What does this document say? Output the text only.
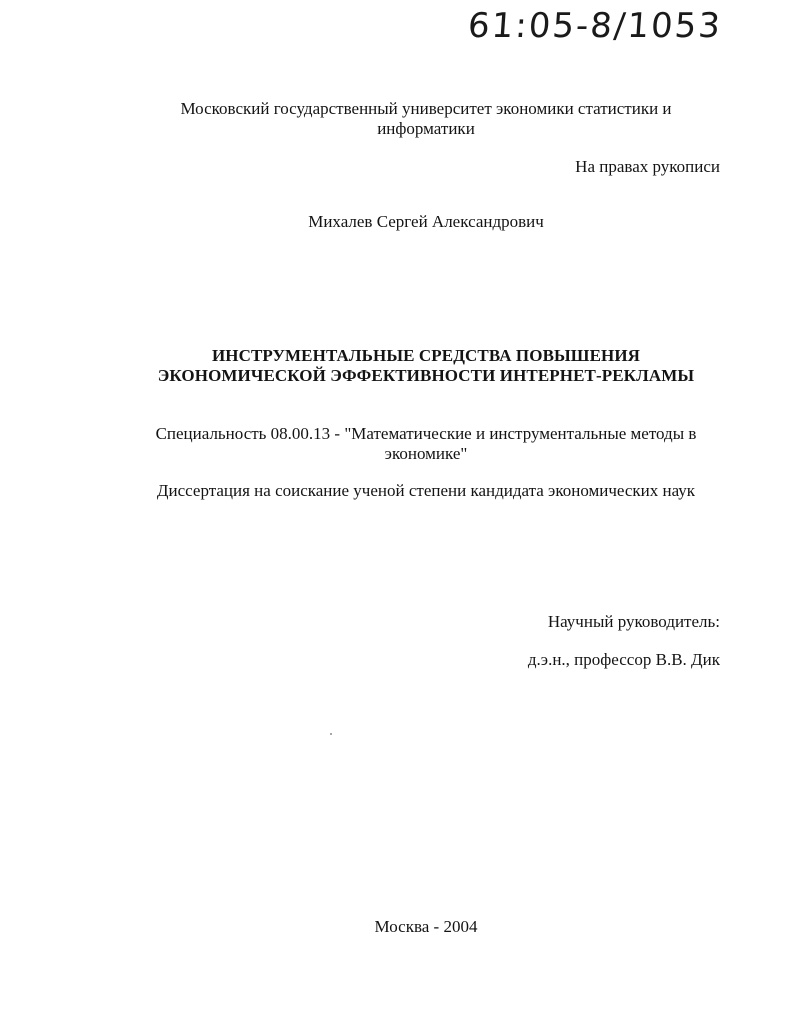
61:05-8/1053
Московский государственный университет экономики статистики и
информатики
На правах рукописи
Михалев Сергей Александрович
ИНСТРУМЕНТАЛЬНЫЕ СРЕДСТВА ПОВЫШЕНИЯ
ЭКОНОМИЧЕСКОЙ ЭФФЕКТИВНОСТИ ИНТЕРНЕТ-РЕКЛАМЫ
Специальность 08.00.13 - "Математические и инструментальные методы в
экономике"
Диссертация на соискание ученой степени кандидата экономических наук
Научный руководитель:
д.э.н., профессор В.В. Дик
Москва - 2004
